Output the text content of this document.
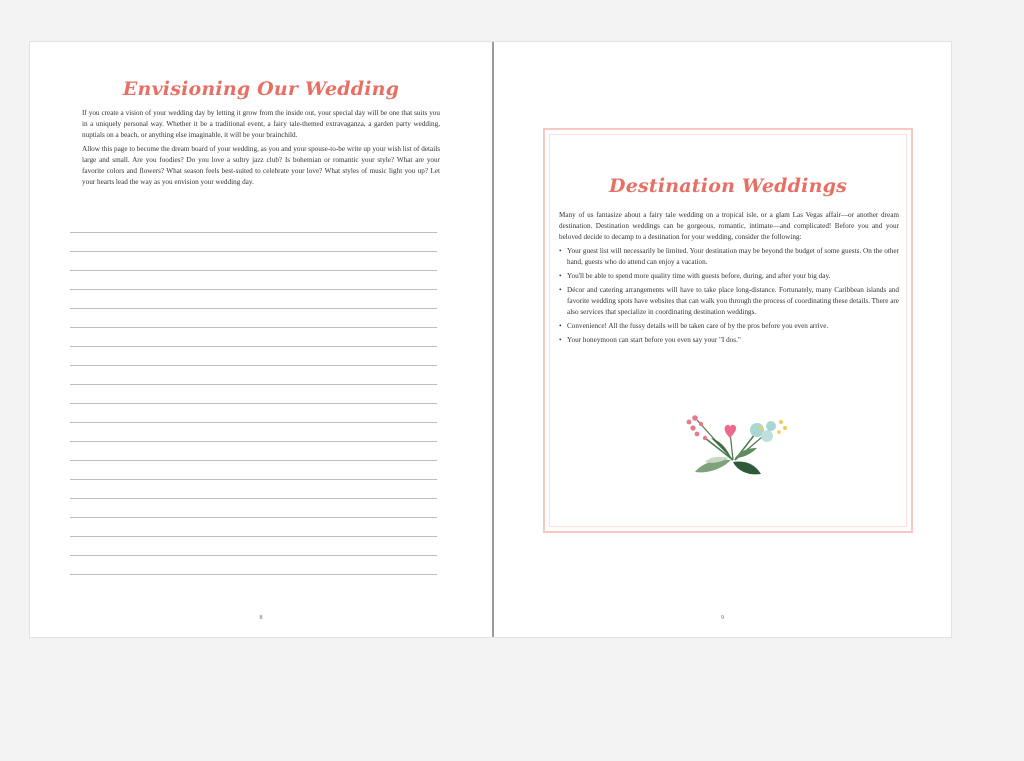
Envisioning Our Wedding

If you create a vision of your wedding day by letting it grow from the inside out, your special day will be one that suits you in a uniquely personal way. Whether it be a traditional event, a fairy tale-themed extravaganza, a garden party wedding, nuptials on a beach, or anything else imaginable, it will be your brainchild.

Allow this page to become the dream board of your wedding, as you and your spouse-to-be write up your wish list of details large and small. Are you foodies? Do you love a sultry jazz club? Is bohemian or romantic your style? What are your favorite colors and flowers? What season feels best-suited to celebrate your love? What styles of music light you up? Let your hearts lead the way as you envision your wedding day.

8
Destination Weddings

Many of us fantasize about a fairy tale wedding on a tropical isle, or a glam Las Vegas affair—or another dream destination. Destination weddings can be gorgeous, romantic, intimate—and complicated! Before you and your beloved decide to decamp to a destination for your wedding, consider the following:

• Your guest list will necessarily be limited. Your destination may be beyond the budget of some guests. On the other hand, guests who do attend can enjoy a vacation.
• You'll be able to spend more quality time with guests before, during, and after your big day.
• Décor and catering arrangements will have to take place long-distance. Fortunately, many Caribbean islands and favorite wedding spots have websites that can walk you through the process of coordinating these details. There are also services that specialize in coordinating destination weddings.
• Convenience! All the fussy details will be taken care of by the pros before you even arrive.
• Your honeymoon can start before you even say your "I dos."
9
